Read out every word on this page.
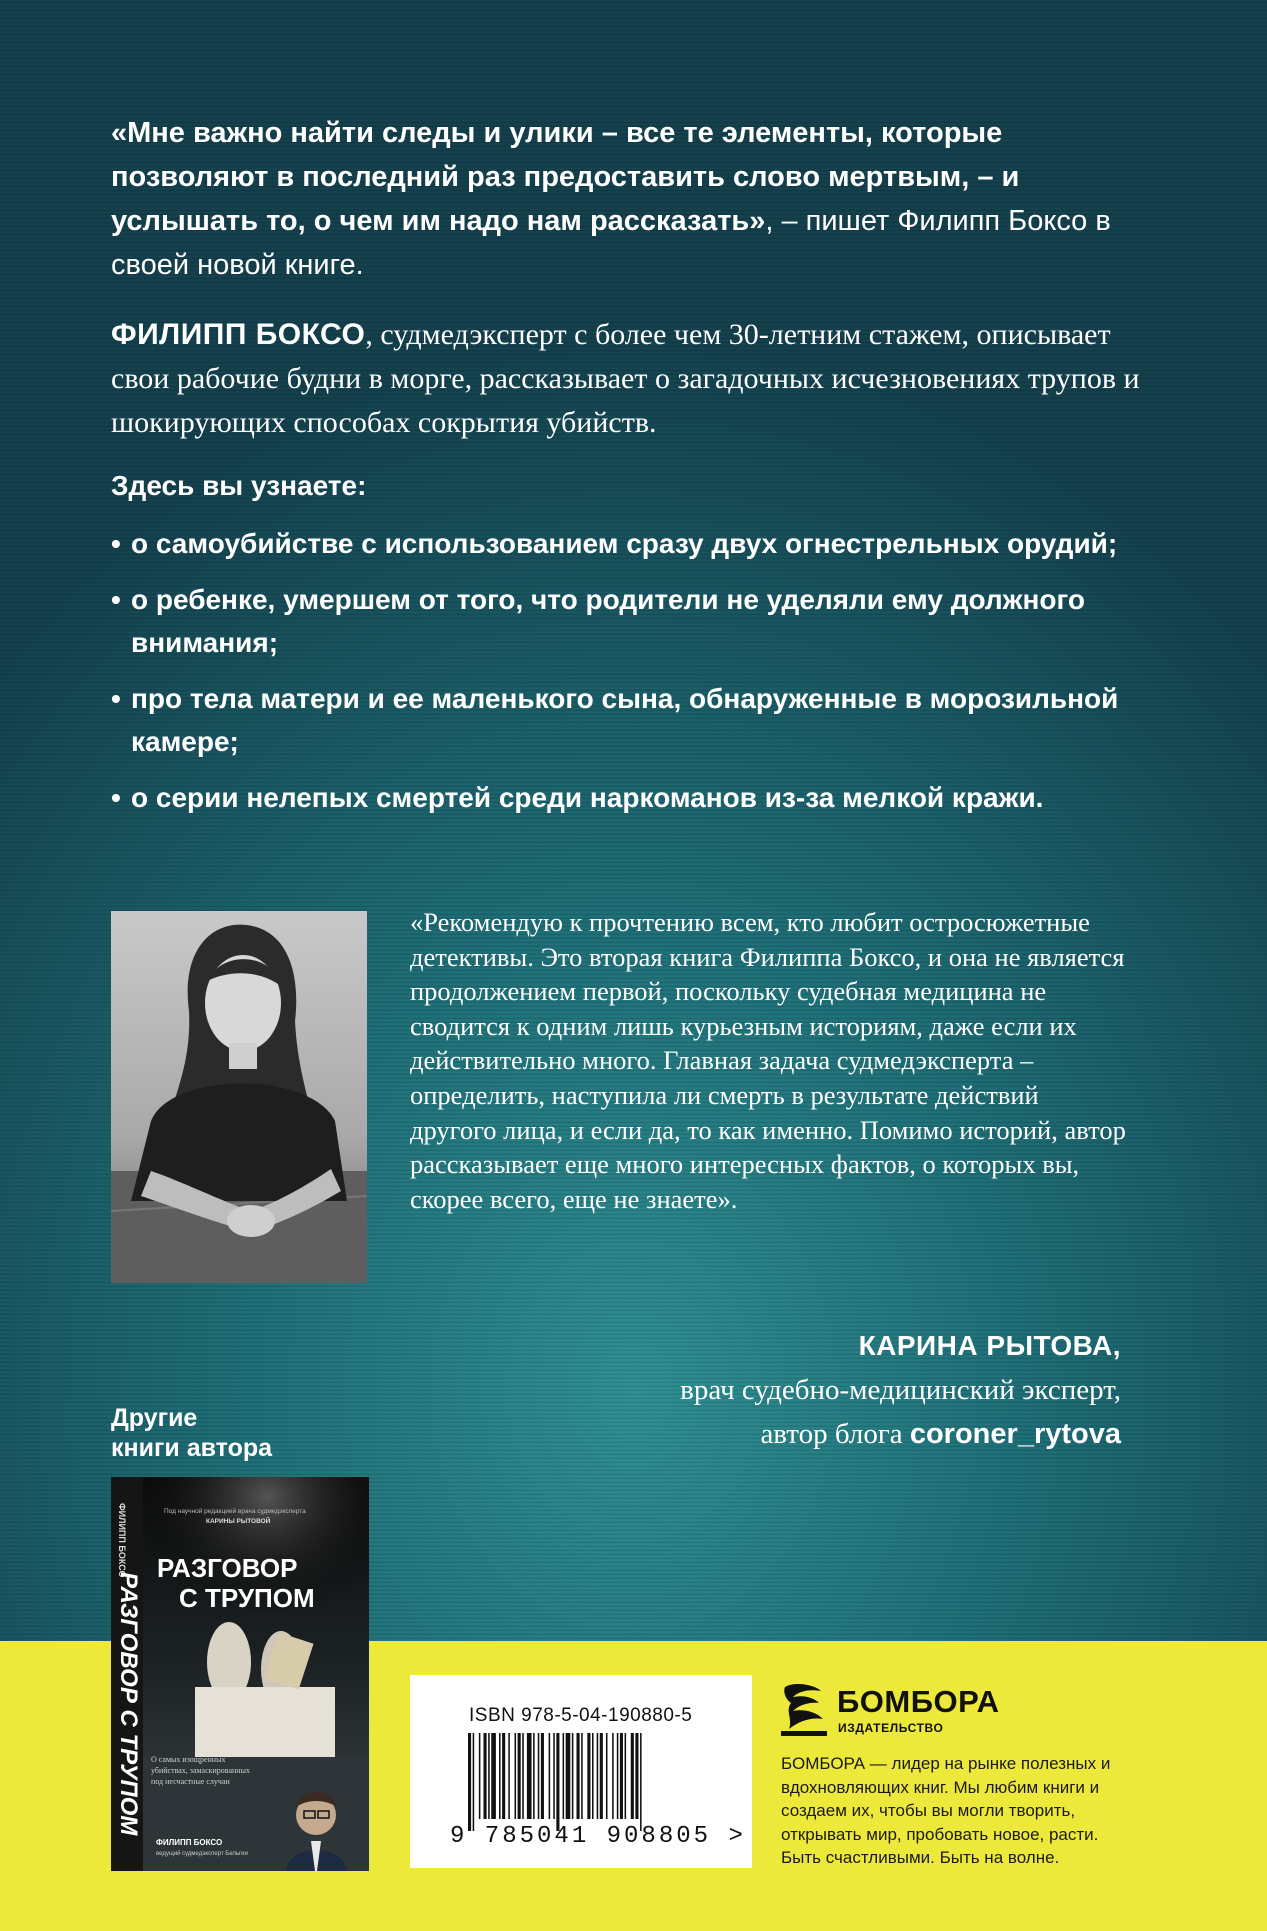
«Мне важно найти следы и улики – все те элементы, которые позволяют в последний раз предоставить слово мертвым, – и услышать то, о чем им надо нам рассказать», – пишет Филипп Боксо в своей новой книге.
ФИЛИПП БОКСО, судмедэксперт с более чем 30-летним стажем, описывает свои рабочие будни в морге, рассказывает о загадочных исчезновениях трупов и шокирующих способах сокрытия убийств.
Здесь вы узнаете:
• о самоубийстве с использованием сразу двух огнестрельных орудий;
• о ребенке, умершем от того, что родители не уделяли ему должного внимания;
• про тела матери и ее маленького сына, обнаруженные в морозильной камере;
• о серии нелепых смертей среди наркоманов из-за мелкой кражи.
«Рекомендую к прочтению всем, кто любит остросюжетные детективы. Это вторая книга Филиппа Боксо, и она не является продолжением первой, поскольку судебная медицина не сводится к одним лишь курьезным историям, даже если их действительно много. Главная задача судмедэксперта – определить, наступила ли смерть в результате действий другого лица, и если да, то как именно. Помимо историй, автор рассказывает еще много интересных фактов, о которых вы, скорее всего, еще не знаете».
КАРИНА РЫТОВА,
врач судебно-медицинский эксперт,
автор блога coroner_rytova
Другие
книги автора
Под научной редакцией врача судмедэксперта
КАРИНЫ РЫТОВОЙ
РАЗГОВОР
С ТРУПОМ
ФИЛИПП БОКСО
РАЗГОВОР С ТРУПОМ О самых изощренных
убийствах, замаскированных
под несчастные случаи
ФИЛИПП БОКСО
ведущий судмедэксперт Бельгии
ISBN 978-5-04-190880-5
9 785041 908805 >
БОМБОРА
ИЗДАТЕЛЬСТВО
БОМБОРА — лидер на рынке полезных и вдохновляющих книг. Мы любим книги и создаем их, чтобы вы могли творить, открывать мир, пробовать новое, расти. Быть счастливыми. Быть на волне.
